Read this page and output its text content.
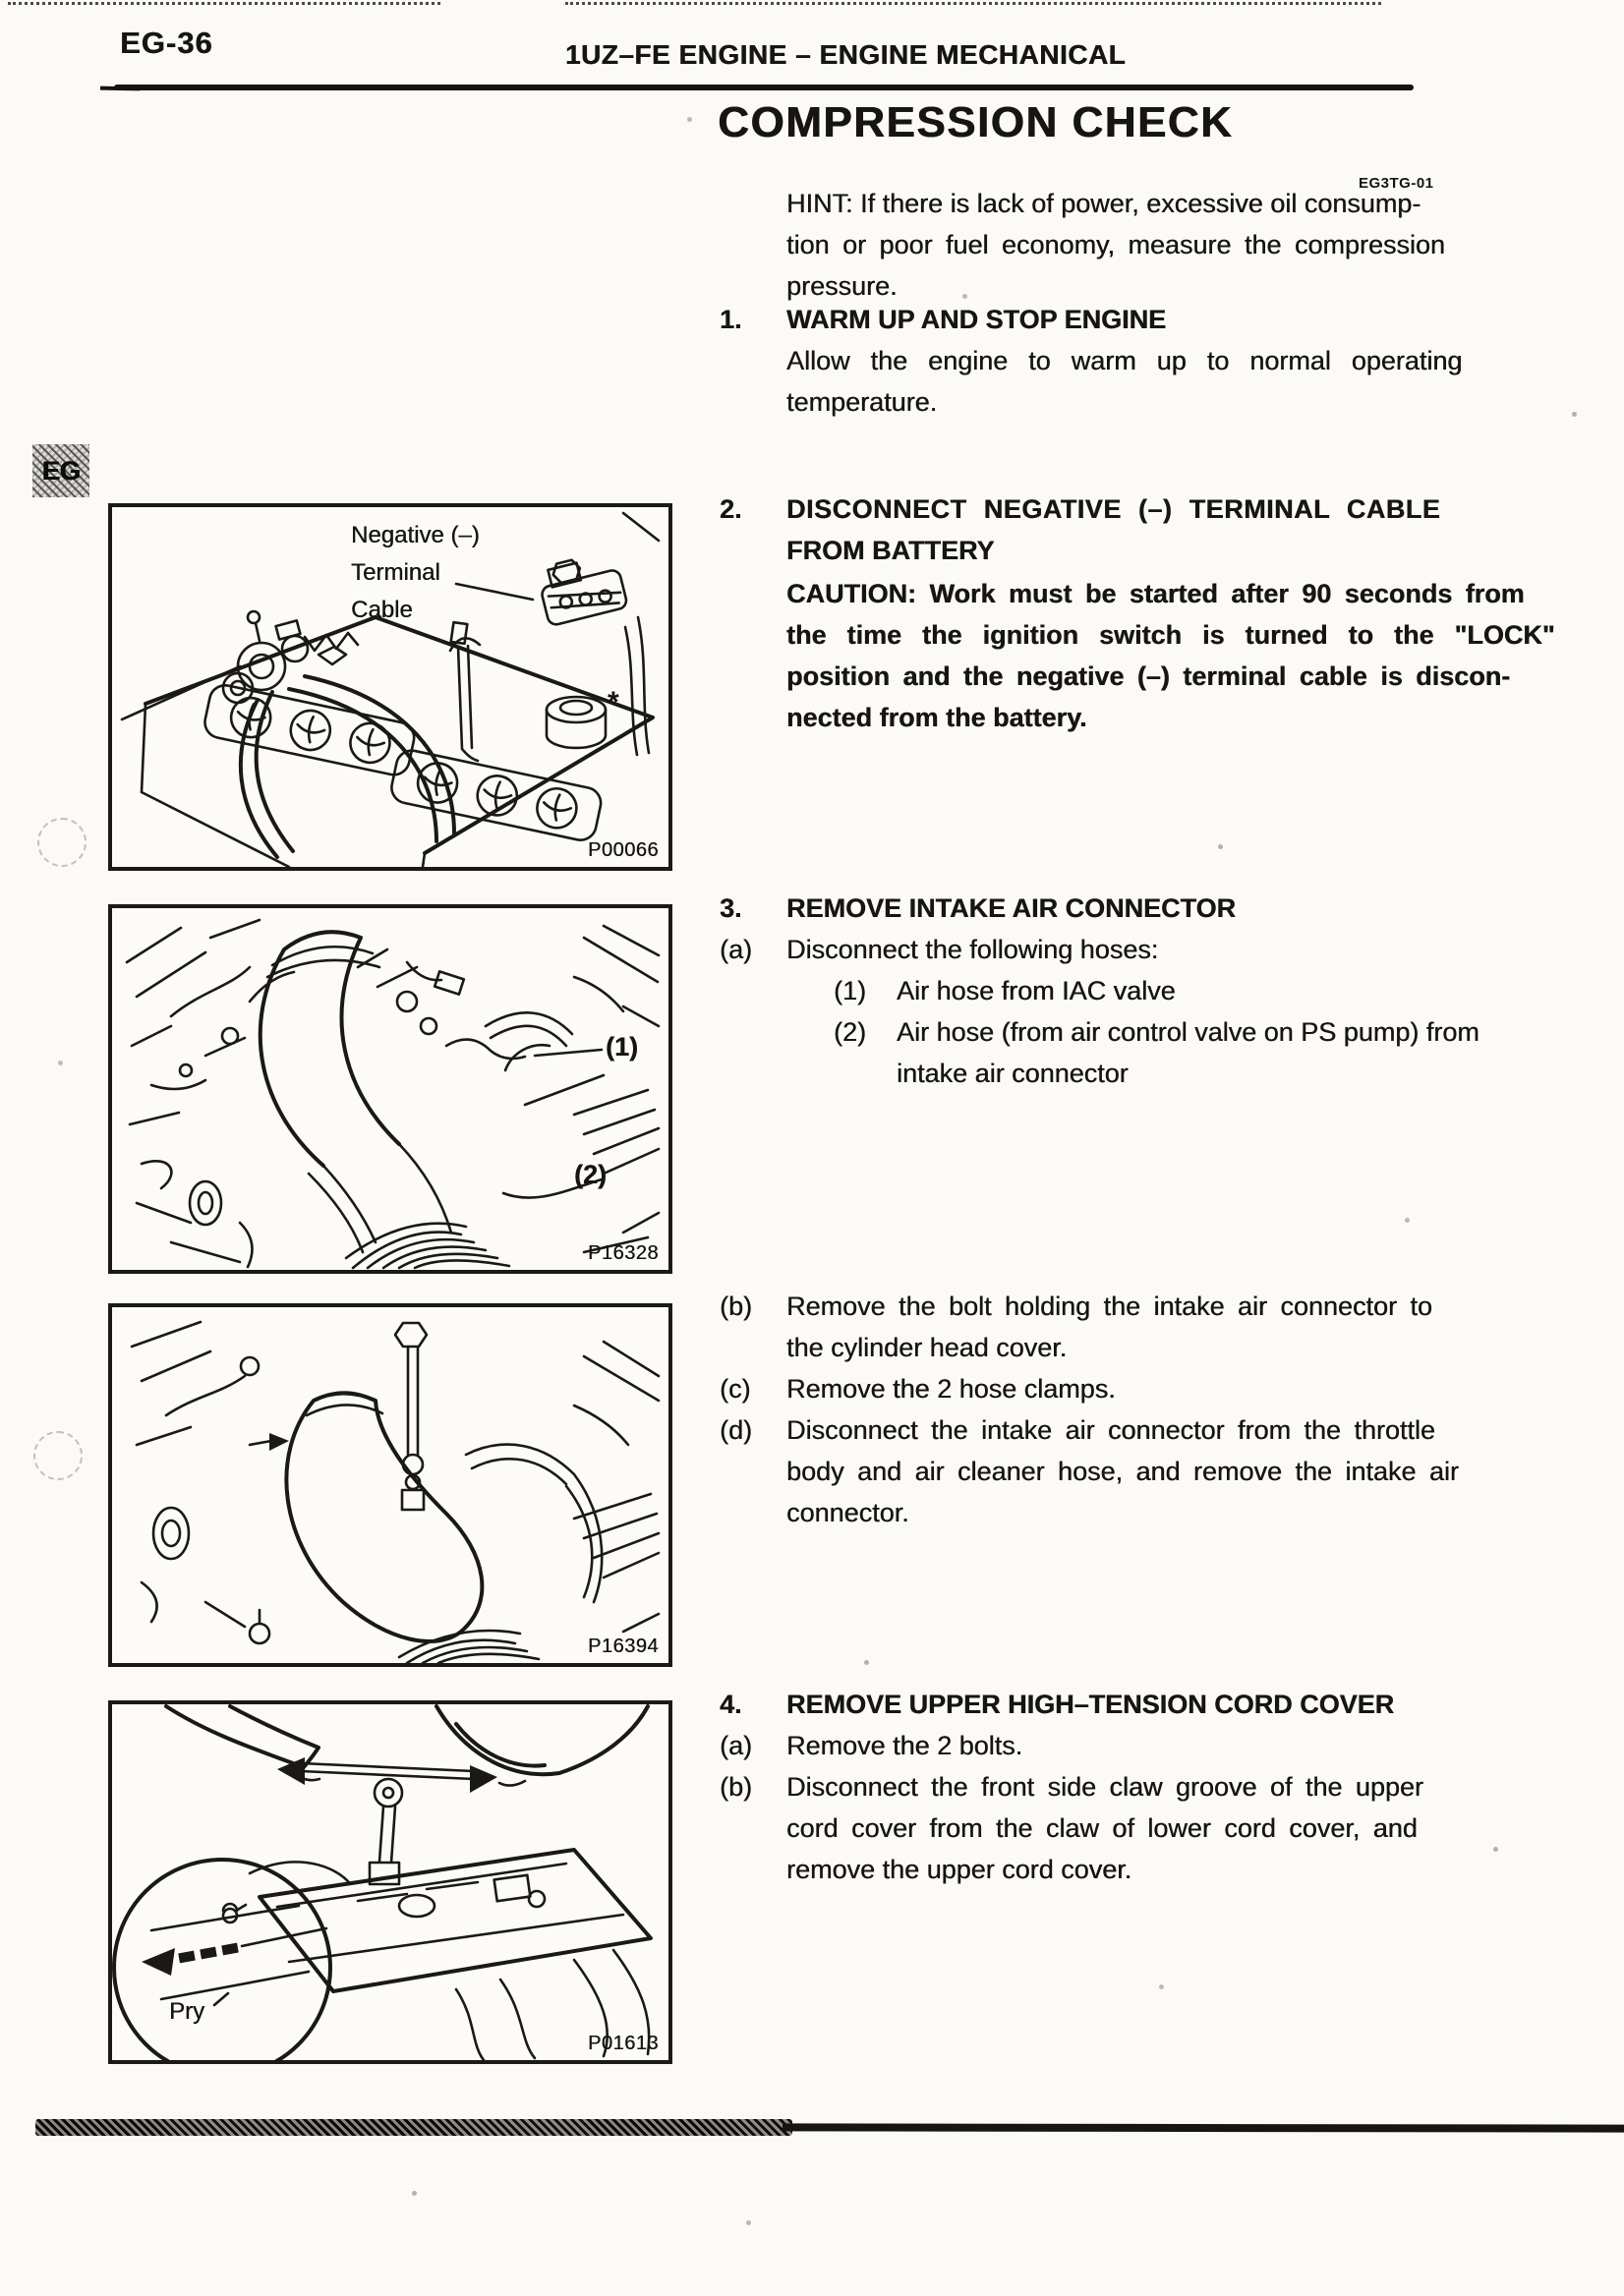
EG-36	1UZ–FE ENGINE – ENGINE MECHANICAL
COMPRESSION CHECK
EG3TG-01
EG
HINT: If there is lack of power, excessive oil consump-
tion or poor fuel economy, measure the compression
pressure.
1. WARM UP AND STOP ENGINE
Allow the engine to warm up to normal operating
temperature.
2. DISCONNECT NEGATIVE (–) TERMINAL CABLE
FROM BATTERY
CAUTION: Work must be started after 90 seconds from
the time the ignition switch is turned to the "LOCK"
position and the negative (–) terminal cable is discon-
nected from the battery.
3. REMOVE INTAKE AIR CONNECTOR
(a) Disconnect the following hoses:
(1) Air hose from IAC valve
(2) Air hose (from air control valve on PS pump) from
intake air connector
(b) Remove the bolt holding the intake air connector to
the cylinder head cover.
(c) Remove the 2 hose clamps.
(d) Disconnect the intake air connector from the throttle
body and air cleaner hose, and remove the intake air
connector.
4. REMOVE UPPER HIGH–TENSION CORD COVER
(a) Remove the 2 bolts.
(b) Disconnect the front side claw groove of the upper
cord cover from the claw of lower cord cover, and
remove the upper cord cover.
Negative (–)
Terminal
Cable
*
P00066
(1)
(2)
P16328
P16394
Pry
P01613
